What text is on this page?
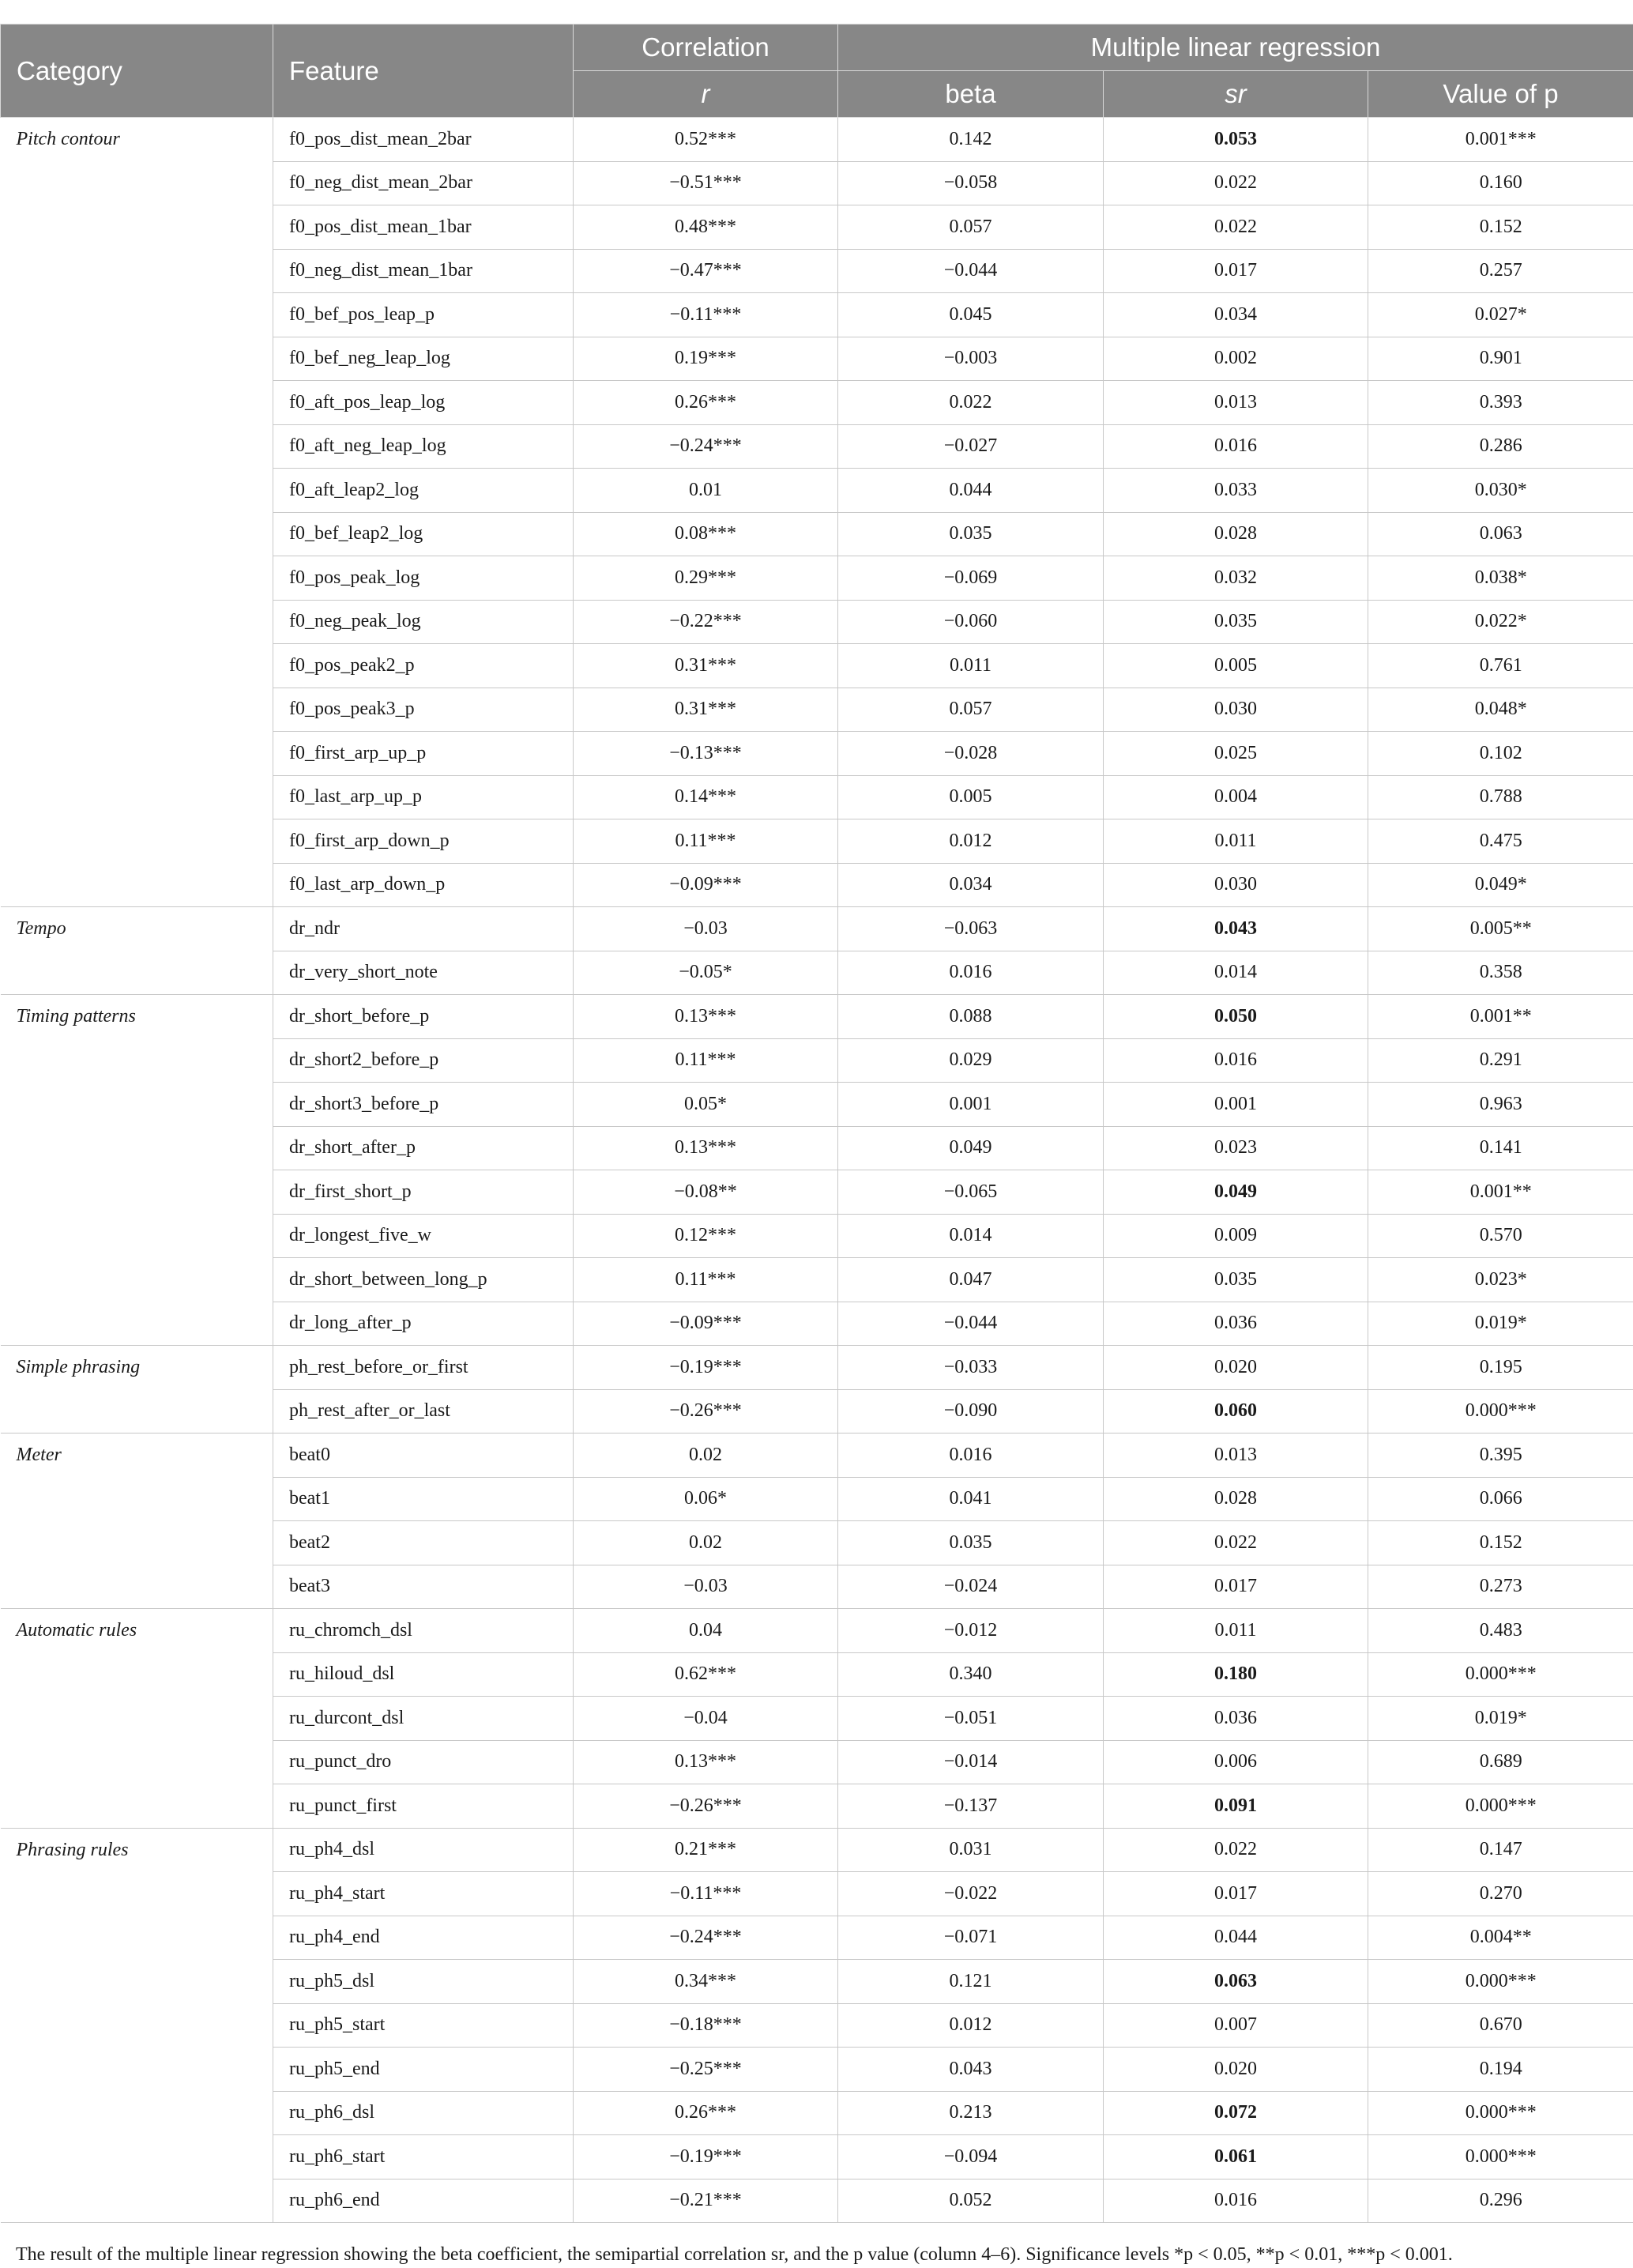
Category	Feature	Correlation	Multiple linear regression		
		r	beta	sr	Value of p
Pitch contour	f0_pos_dist_mean_2bar	0.52***	0.142	0.053	0.001***
	f0_neg_dist_mean_2bar	−0.51***	−0.058	0.022	0.160
	f0_pos_dist_mean_1bar	0.48***	0.057	0.022	0.152
	f0_neg_dist_mean_1bar	−0.47***	−0.044	0.017	0.257
	f0_bef_pos_leap_p	−0.11***	0.045	0.034	0.027*
	f0_bef_neg_leap_log	0.19***	−0.003	0.002	0.901
	f0_aft_pos_leap_log	0.26***	0.022	0.013	0.393
	f0_aft_neg_leap_log	−0.24***	−0.027	0.016	0.286
	f0_aft_leap2_log	0.01	0.044	0.033	0.030*
	f0_bef_leap2_log	0.08***	0.035	0.028	0.063
	f0_pos_peak_log	0.29***	−0.069	0.032	0.038*
	f0_neg_peak_log	−0.22***	−0.060	0.035	0.022*
	f0_pos_peak2_p	0.31***	0.011	0.005	0.761
	f0_pos_peak3_p	0.31***	0.057	0.030	0.048*
	f0_first_arp_up_p	−0.13***	−0.028	0.025	0.102
	f0_last_arp_up_p	0.14***	0.005	0.004	0.788
	f0_first_arp_down_p	0.11***	0.012	0.011	0.475
	f0_last_arp_down_p	−0.09***	0.034	0.030	0.049*
Tempo	dr_ndr	−0.03	−0.063	0.043	0.005**
	dr_very_short_note	−0.05*	0.016	0.014	0.358
Timing patterns	dr_short_before_p	0.13***	0.088	0.050	0.001**
	dr_short2_before_p	0.11***	0.029	0.016	0.291
	dr_short3_before_p	0.05*	0.001	0.001	0.963
	dr_short_after_p	0.13***	0.049	0.023	0.141
	dr_first_short_p	−0.08**	−0.065	0.049	0.001**
	dr_longest_five_w	0.12***	0.014	0.009	0.570
	dr_short_between_long_p	0.11***	0.047	0.035	0.023*
	dr_long_after_p	−0.09***	−0.044	0.036	0.019*
Simple phrasing	ph_rest_before_or_first	−0.19***	−0.033	0.020	0.195
	ph_rest_after_or_last	−0.26***	−0.090	0.060	0.000***
Meter	beat0	0.02	0.016	0.013	0.395
	beat1	0.06*	0.041	0.028	0.066
	beat2	0.02	0.035	0.022	0.152
	beat3	−0.03	−0.024	0.017	0.273
Automatic rules	ru_chromch_dsl	0.04	−0.012	0.011	0.483
	ru_hiloud_dsl	0.62***	0.340	0.180	0.000***
	ru_durcont_dsl	−0.04	−0.051	0.036	0.019*
	ru_punct_dro	0.13***	−0.014	0.006	0.689
	ru_punct_first	−0.26***	−0.137	0.091	0.000***
Phrasing rules	ru_ph4_dsl	0.21***	0.031	0.022	0.147
	ru_ph4_start	−0.11***	−0.022	0.017	0.270
	ru_ph4_end	−0.24***	−0.071	0.044	0.004**
	ru_ph5_dsl	0.34***	0.121	0.063	0.000***
	ru_ph5_start	−0.18***	0.012	0.007	0.670
	ru_ph5_end	−0.25***	0.043	0.020	0.194
	ru_ph6_dsl	0.26***	0.213	0.072	0.000***
	ru_ph6_start	−0.19***	−0.094	0.061	0.000***
	ru_ph6_end	−0.21***	0.052	0.016	0.296
The result of the multiple linear regression showing the beta coefficient, the semipartial correlation sr, and the p value (column 4–6). Significance levels *p < 0.05, **p < 0.01, ***p < 0.001.
